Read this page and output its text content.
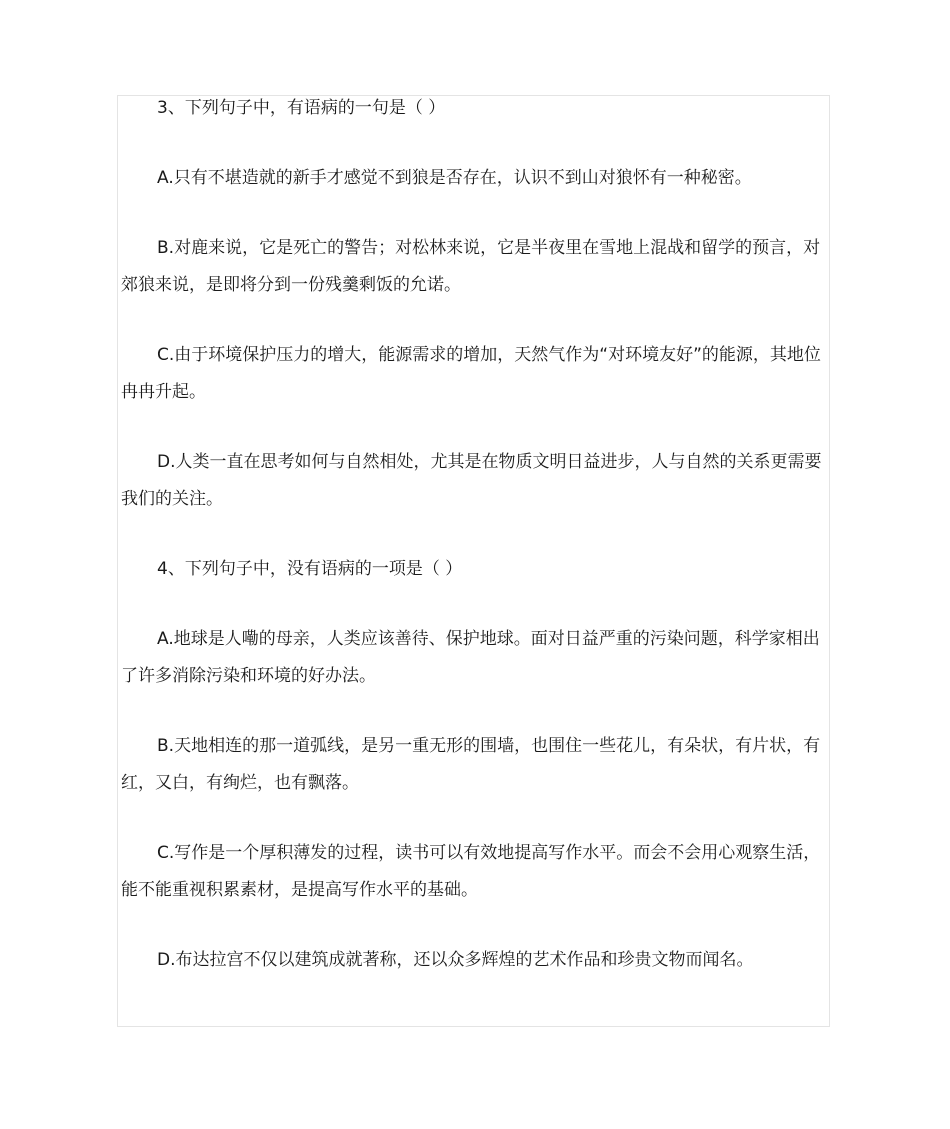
3、下列句子中，有语病的一句是（ ）

A.只有不堪造就的新手才感觉不到狼是否存在，认识不到山对狼怀有一种秘密。

B.对鹿来说，它是死亡的警告；对松林来说，它是半夜里在雪地上混战和留学的预言，对郊狼来说，是即将分到一份残羹剩饭的允诺。

C.由于环境保护压力的增大，能源需求的增加，天然气作为“对环境友好”的能源，其地位冉冉升起。

D.人类一直在思考如何与自然相处，尤其是在物质文明日益进步，人与自然的关系更需要我们的关注。

4、下列句子中，没有语病的一项是（ ）

A.地球是人嘞的母亲，人类应该善待、保护地球。面对日益严重的污染问题，科学家相出了许多消除污染和环境的好办法。

B.天地相连的那一道弧线，是另一重无形的围墙，也围住一些花儿，有朵状，有片状，有红，又白，有绚烂，也有飘落。

C.写作是一个厚积薄发的过程，读书可以有效地提高写作水平。而会不会用心观察生活，能不能重视积累素材，是提高写作水平的基础。

D.布达拉宫不仅以建筑成就著称，还以众多辉煌的艺术作品和珍贵文物而闻名。
